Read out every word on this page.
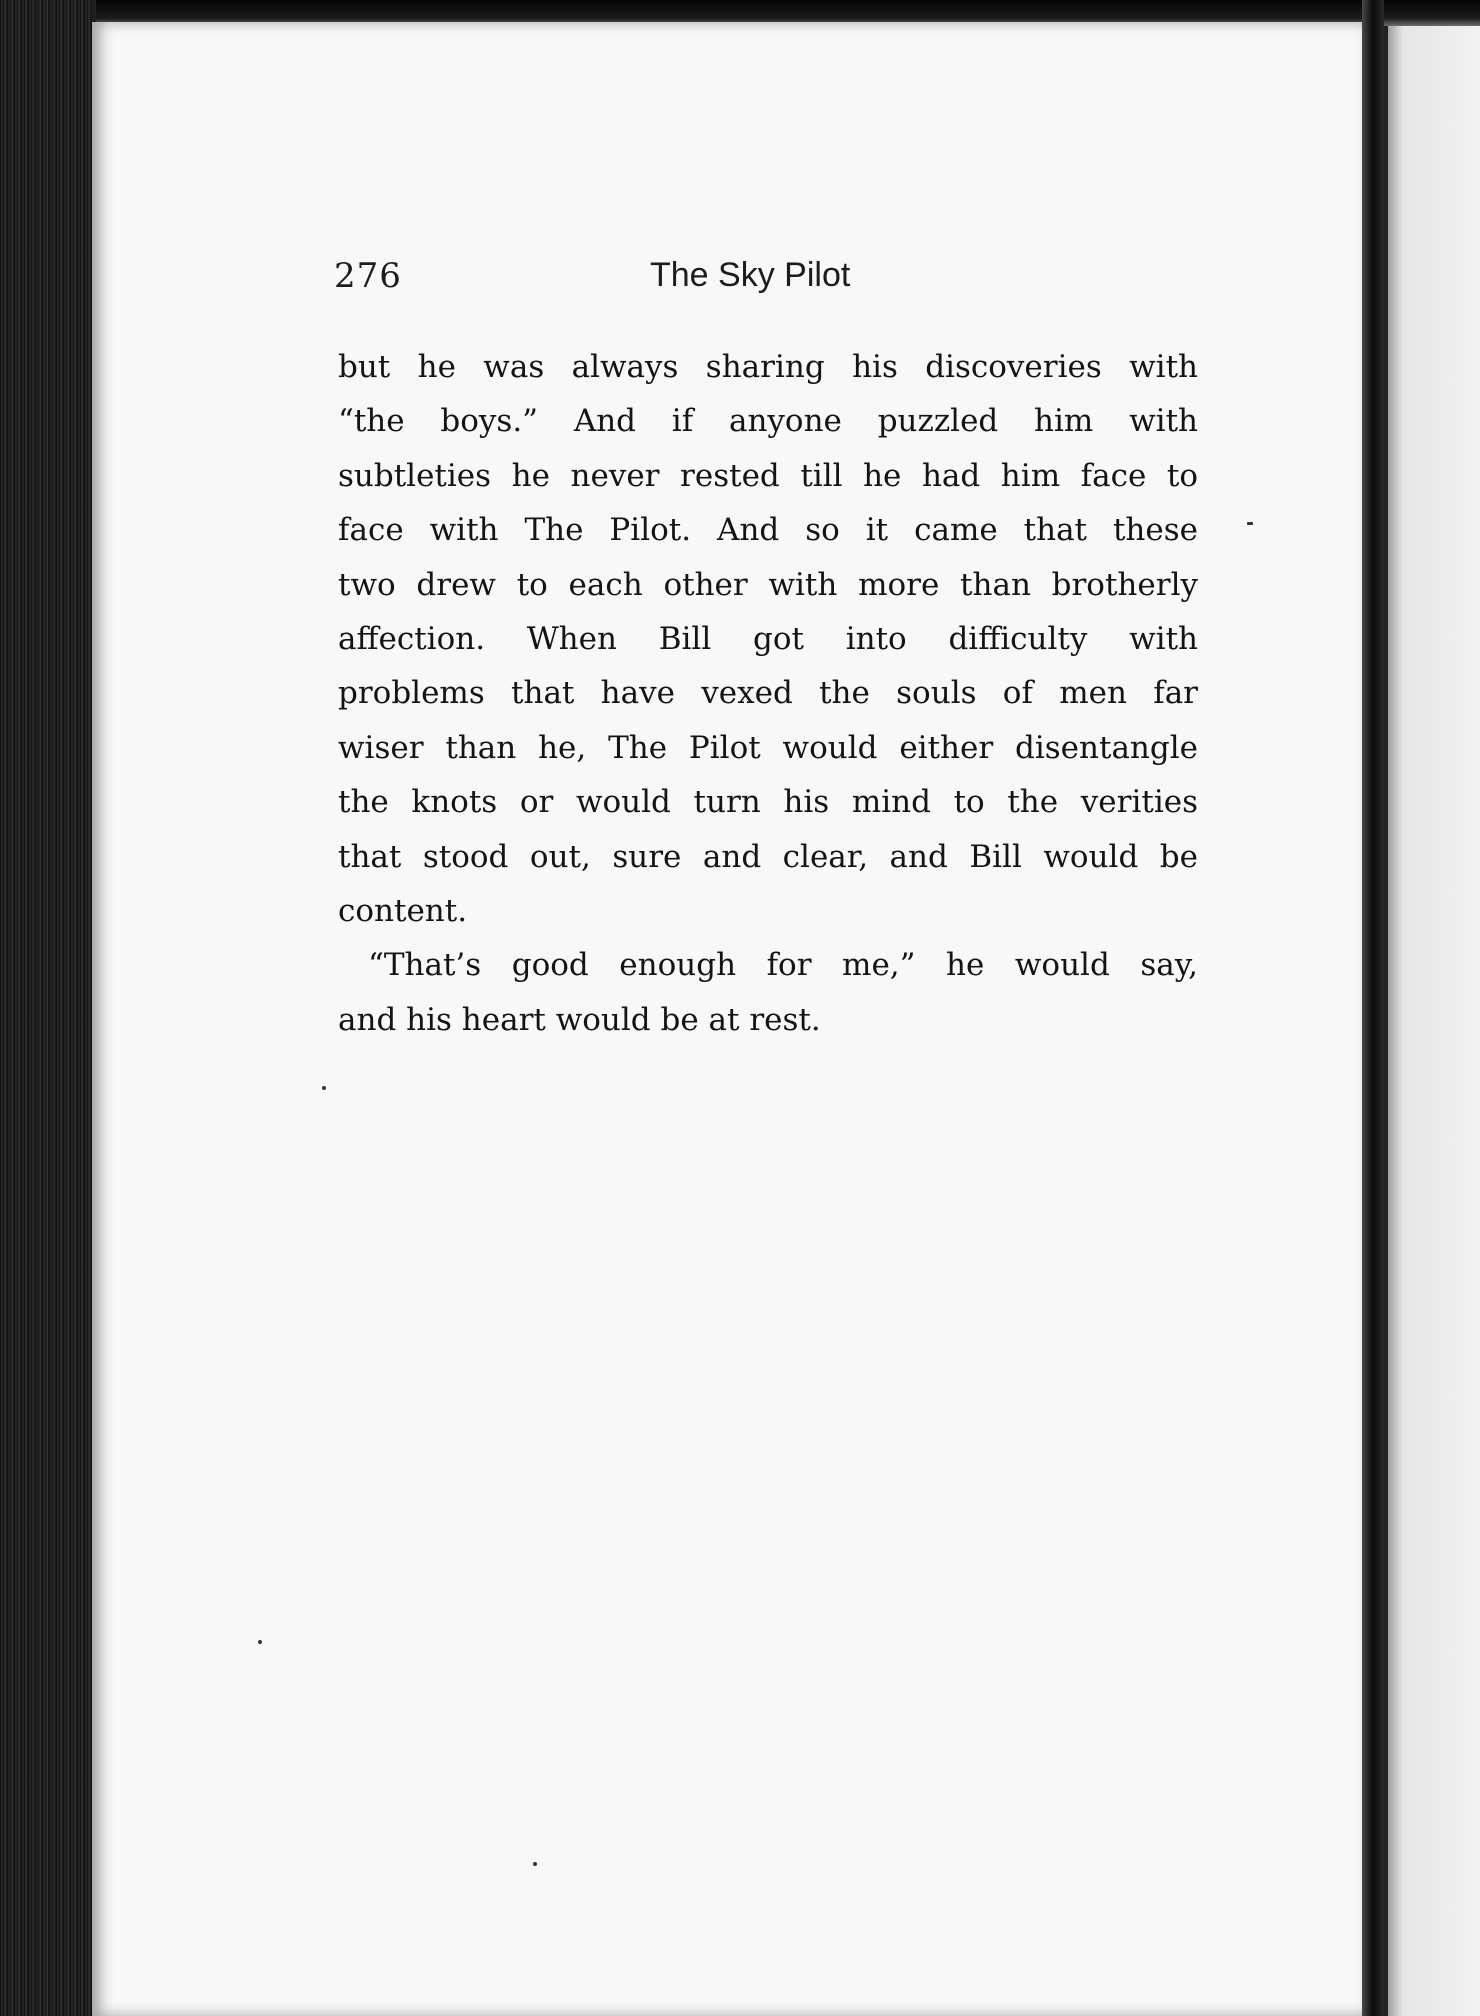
276	The Sky Pilot
but he was always sharing his discoveries with
“the boys.” And if anyone puzzled him with
subtleties he never rested till he had him face to
face with The Pilot. And so it came that these
two drew to each other with more than brotherly
affection. When Bill got into difficulty with
problems that have vexed the souls of men far
wiser than he, The Pilot would either disentangle
the knots or would turn his mind to the verities
that stood out, sure and clear, and Bill would be
content.
“That’s good enough for me,” he would say,
and his heart would be at rest.
